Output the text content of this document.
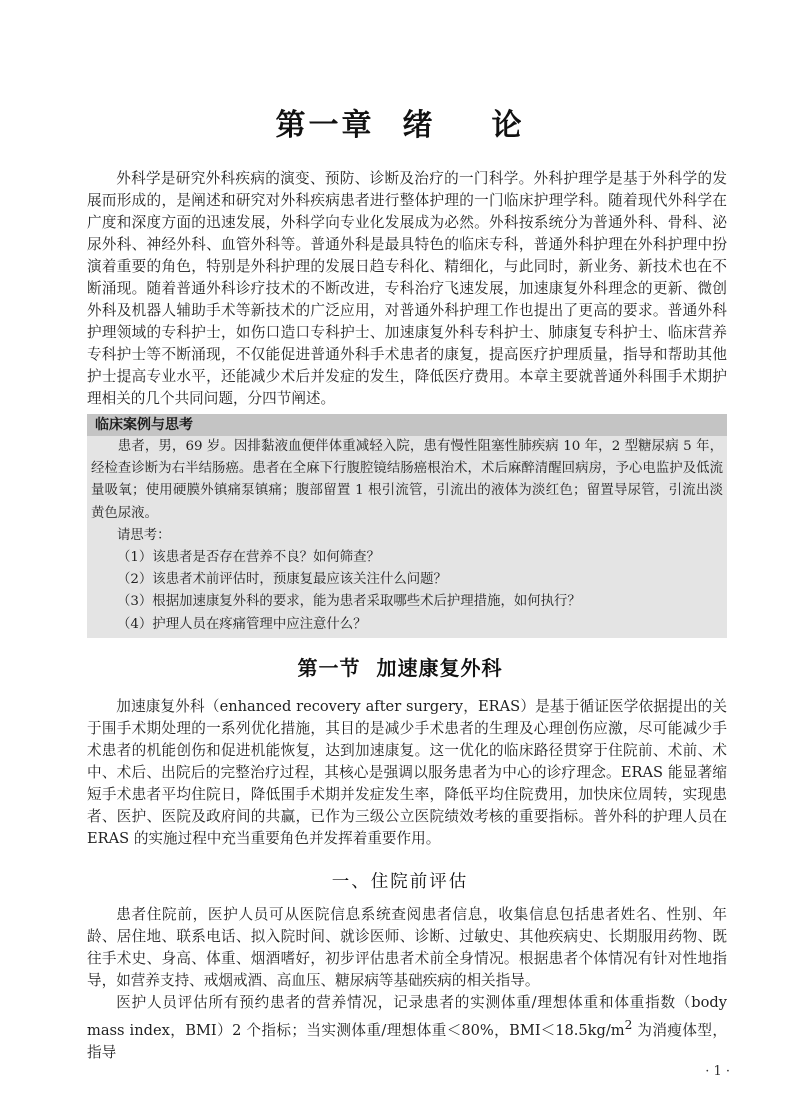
第一章 绪 论

外科学是研究外科疾病的演变、预防、诊断及治疗的一门科学。外科护理学是基于外科学的发展而形成的，是阐述和研究对外科疾病患者进行整体护理的一门临床护理学科。随着现代外科学在广度和深度方面的迅速发展，外科学向专业化发展成为必然。外科按系统分为普通外科、骨科、泌尿外科、神经外科、血管外科等。普通外科是最具特色的临床专科，普通外科护理在外科护理中扮演着重要的角色，特别是外科护理的发展日趋专科化、精细化，与此同时，新业务、新技术也在不断涌现。随着普通外科诊疗技术的不断改进，专科治疗飞速发展，加速康复外科理念的更新、微创外科及机器人辅助手术等新技术的广泛应用，对普通外科护理工作也提出了更高的要求。普通外科护理领域的专科护士，如伤口造口专科护士、加速康复外科专科护士、肺康复专科护士、临床营养专科护士等不断涌现，不仅能促进普通外科手术患者的康复，提高医疗护理质量，指导和帮助其他护士提高专业水平，还能减少术后并发症的发生，降低医疗费用。本章主要就普通外科围手术期护理相关的几个共同问题，分四节阐述。

临床案例与思考

患者，男，69 岁。因排黏液血便伴体重减轻入院，患有慢性阻塞性肺疾病 10 年，2 型糖尿病 5 年，经检查诊断为右半结肠癌。患者在全麻下行腹腔镜结肠癌根治术，术后麻醉清醒回病房，予心电监护及低流量吸氧；使用硬膜外镇痛泵镇痛；腹部留置 1 根引流管，引流出的液体为淡红色；留置导尿管，引流出淡黄色尿液。

请思考：

（1）该患者是否存在营养不良？如何筛查？

（2）该患者术前评估时，预康复最应该关注什么问题？

（3）根据加速康复外科的要求，能为患者采取哪些术后护理措施，如何执行？

（4）护理人员在疼痛管理中应注意什么？

第一节 加速康复外科

加速康复外科（enhanced recovery after surgery，ERAS）是基于循证医学依据提出的关于围手术期处理的一系列优化措施，其目的是减少手术患者的生理及心理创伤应激，尽可能减少手术患者的机能创伤和促进机能恢复，达到加速康复。这一优化的临床路径贯穿于住院前、术前、术中、术后、出院后的完整治疗过程，其核心是强调以服务患者为中心的诊疗理念。ERAS 能显著缩短手术患者平均住院日，降低围手术期并发症发生率，降低平均住院费用，加快床位周转，实现患者、医护、医院及政府间的共赢，已作为三级公立医院绩效考核的重要指标。普外科的护理人员在 ERAS 的实施过程中充当重要角色并发挥着重要作用。

一、住院前评估

患者住院前，医护人员可从医院信息系统查阅患者信息，收集信息包括患者姓名、性别、年龄、居住地、联系电话、拟入院时间、就诊医师、诊断、过敏史、其他疾病史、长期服用药物、既往手术史、身高、体重、烟酒嗜好，初步评估患者术前全身情况。根据患者个体情况有针对性地指导，如营养支持、戒烟戒酒、高血压、糖尿病等基础疾病的相关指导。

医护人员评估所有预约患者的营养情况，记录患者的实测体重/理想体重和体重指数（body mass index，BMI）2 个指标；当实测体重/理想体重＜80%，$BMI<18.5kg/m^2$ 为消瘦体型，指导

· 1 ·
